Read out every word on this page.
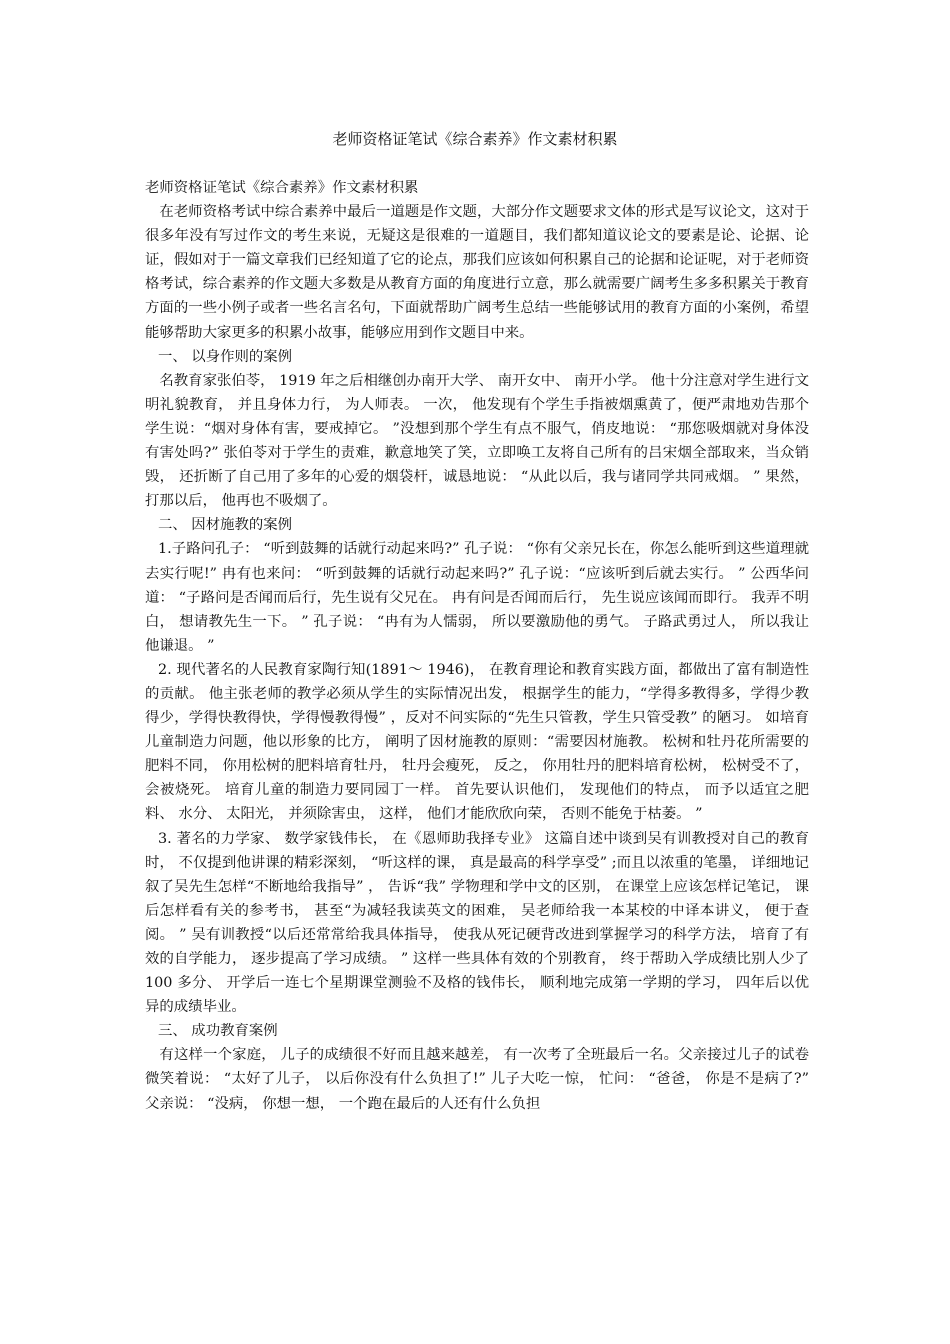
老师资格证笔试《综合素养》作文素材积累

老师资格证笔试《综合素养》作文素材积累

在老师资格考试中综合素养中最后一道题是作文题，大部分作文题要求文体的形式是写议论文，这对于很多年没有写过作文的考生来说，无疑这是很难的一道题目，我们都知道议论文的要素是论、论据、论证，假如对于一篇文章我们已经知道了它的论点，那我们应该如何积累自己的论据和论证呢，对于老师资格考试，综合素养的作文题大多数是从教育方面的角度进行立意，那么就需要广阔考生多多积累关于教育方面的一些小例子或者一些名言名句，下面就帮助广阔考生总结一些能够试用的教育方面的小案例，希望能够帮助大家更多的积累小故事，能够应用到作文题目中来。

一、 以身作则的案例

名教育家张伯苓， 1919 年之后相继创办南开大学、 南开女中、 南开小学。 他十分注意对学生进行文明礼貌教育， 并且身体力行， 为人师表。 一次， 他发现有个学生手指被烟熏黄了，便严肃地劝告那个学生说：“烟对身体有害，要戒掉它。 ”没想到那个学生有点不服气，俏皮地说： “那您吸烟就对身体没有害处吗?” 张伯苓对于学生的责难，歉意地笑了笑，立即唤工友将自己所有的吕宋烟全部取来，当众销毁， 还折断了自己用了多年的心爱的烟袋杆，诚恳地说： “从此以后，我与诸同学共同戒烟。 ” 果然， 打那以后， 他再也不吸烟了。

二、 因材施教的案例

1.子路问孔子： “听到鼓舞的话就行动起来吗?” 孔子说： “你有父亲兄长在，你怎么能听到这些道理就去实行呢!” 冉有也来问： “听到鼓舞的话就行动起来吗?” 孔子说：“应该听到后就去实行。 ” 公西华问道： “子路问是否闻而后行，先生说有父兄在。 冉有问是否闻而后行， 先生说应该闻而即行。 我弄不明白， 想请教先生一下。 ” 孔子说： “冉有为人懦弱， 所以要激励他的勇气。 子路武勇过人， 所以我让他谦退。 ”

2. 现代著名的人民教育家陶行知(1891～ 1946)， 在教育理论和教育实践方面，都做出了富有制造性的贡献。 他主张老师的教学必须从学生的实际情况出发， 根据学生的能力，“学得多教得多，学得少教得少，学得快教得快，学得慢教得慢” ，反对不问实际的“先生只管教，学生只管受教” 的陋习。 如培育儿童制造力问题，他以形象的比方， 阐明了因材施教的原则：“需要因材施教。 松树和牡丹花所需要的肥料不同， 你用松树的肥料培育牡丹， 牡丹会瘦死， 反之， 你用牡丹的肥料培育松树， 松树受不了， 会被烧死。 培育儿童的制造力要同园丁一样。 首先要认识他们， 发现他们的特点， 而予以适宜之肥料、 水分、 太阳光， 并须除害虫， 这样， 他们才能欣欣向荣， 否则不能免于枯萎。 ”

3. 著名的力学家、 数学家钱伟长， 在《恩师助我择专业》 这篇自述中谈到吴有训教授对自己的教育时， 不仅提到他讲课的精彩深刻， “听这样的课， 真是最高的科学享受” ;而且以浓重的笔墨， 详细地记叙了吴先生怎样“不断地给我指导” ， 告诉“我” 学物理和学中文的区别， 在课堂上应该怎样记笔记， 课后怎样看有关的参考书， 甚至“为减轻我读英文的困难， 吴老师给我一本某校的中译本讲义， 便于查阅。 ” 吴有训教授“以后还常常给我具体指导， 使我从死记硬背改进到掌握学习的科学方法， 培育了有效的自学能力， 逐步提高了学习成绩。 ” 这样一些具体有效的个别教育， 终于帮助入学成绩比别人少了 100 多分、 开学后一连七个星期课堂测验不及格的钱伟长， 顺利地完成第一学期的学习， 四年后以优异的成绩毕业。

三、 成功教育案例

有这样一个家庭， 儿子的成绩很不好而且越来越差， 有一次考了全班最后一名。父亲接过儿子的试卷微笑着说： “太好了儿子， 以后你没有什么负担了!” 儿子大吃一惊， 忙问： “爸爸， 你是不是病了?” 父亲说： “没病， 你想一想， 一个跑在最后的人还有什么负担
